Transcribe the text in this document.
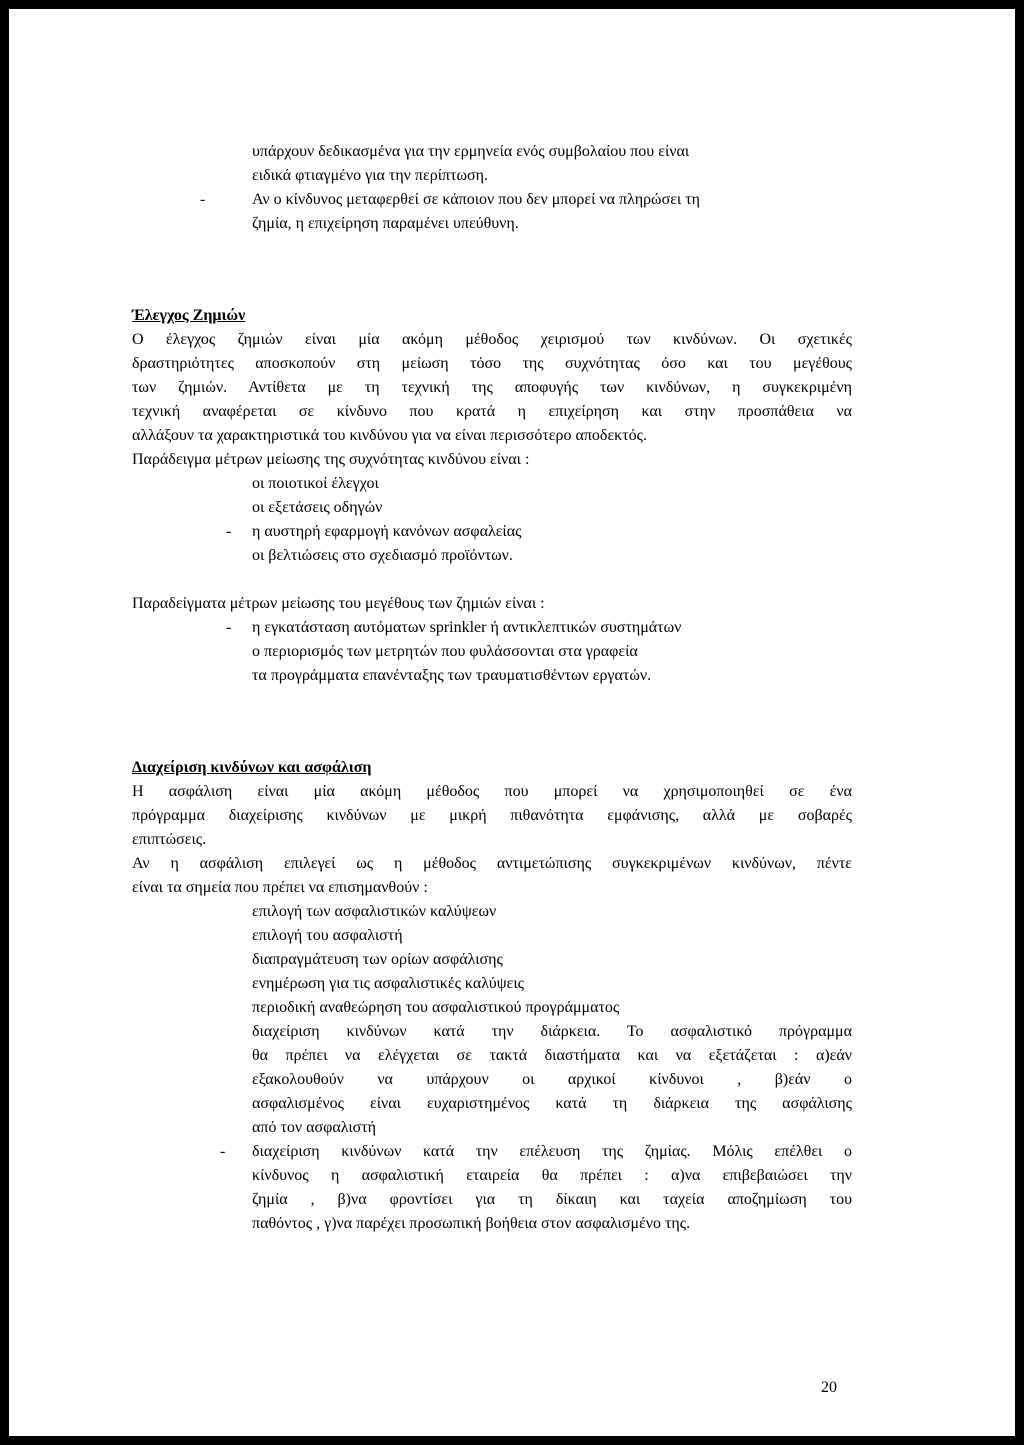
υπάρχουν δεδικασμένα για την ερμηνεία ενός συμβολαίου που είναι

ειδικά φτιαγμένο για την περίπτωση.

-	Αν ο κίνδυνος μεταφερθεί σε κάποιον που δεν μπορεί να πληρώσει τη

ζημία, η επιχείρηση παραμένει υπεύθυνη.

Έλεγχος Ζημιών

Ο έλεγχος ζημιών είναι μία ακόμη μέθοδος χειρισμού των κινδύνων. Οι σχετικές
δραστηριότητες αποσκοπούν στη μείωση τόσο της συχνότητας όσο και του μεγέθους
των ζημιών. Αντίθετα με τη τεχνική της αποφυγής των κινδύνων, η συγκεκριμένη
τεχνική αναφέρεται σε κίνδυνο που κρατά η επιχείρηση και στην προσπάθεια να

αλλάξουν τα χαρακτηριστικά του κινδύνου για να είναι περισσότερο αποδεκτός.

Παράδειγμα μέτρων μείωσης της συχνότητας κινδύνου είναι :

οι ποιοτικοί έλεγχοι

οι εξετάσεις οδηγών

- η αυστηρή εφαρμογή κανόνων ασφαλείας

οι βελτιώσεις στο σχεδιασμό προϊόντων.

Παραδείγματα μέτρων μείωσης του μεγέθους των ζημιών είναι :

- η εγκατάσταση αυτόματων sprinkler ή αντικλεπτικών συστημάτων

ο περιορισμός των μετρητών που φυλάσσονται στα γραφεία

τα προγράμματα επανένταξης των τραυματισθέντων εργατών.

Διαχείριση κινδύνων και ασφάλιση

Η ασφάλιση είναι μία ακόμη μέθοδος που μπορεί να χρησιμοποιηθεί σε ένα
πρόγραμμα διαχείρισης κινδύνων με μικρή πιθανότητα εμφάνισης, αλλά με σοβαρές

επιπτώσεις.

Αν η ασφάλιση επιλεγεί ως η μέθοδος αντιμετώπισης συγκεκριμένων κινδύνων, πέντε

είναι τα σημεία που πρέπει να επισημανθούν :

επιλογή των ασφαλιστικών καλύψεων

επιλογή του ασφαλιστή

διαπραγμάτευση των ορίων ασφάλισης

ενημέρωση για τις ασφαλιστικές καλύψεις

περιοδική αναθεώρηση του ασφαλιστικού προγράμματος

διαχείριση κινδύνων κατά την διάρκεια. Το ασφαλιστικό πρόγραμμα
θα πρέπει να ελέγχεται σε τακτά διαστήματα και να εξετάζεται : α)εάν
εξακολουθούν να υπάρχουν οι αρχικοί κίνδυνοι , β)εάν ο
ασφαλισμένος είναι ευχαριστημένος κατά τη διάρκεια της ασφάλισης

από τον ασφαλιστή

- διαχείριση κινδύνων κατά την επέλευση της ζημίας. Μόλις επέλθει ο
κίνδυνος η ασφαλιστική εταιρεία θα πρέπει : α)να επιβεβαιώσει την
ζημία , β)να φροντίσει για τη δίκαιη και ταχεία αποζημίωση του

παθόντος , γ)να παρέχει προσωπική βοήθεια στον ασφαλισμένο της.

20
